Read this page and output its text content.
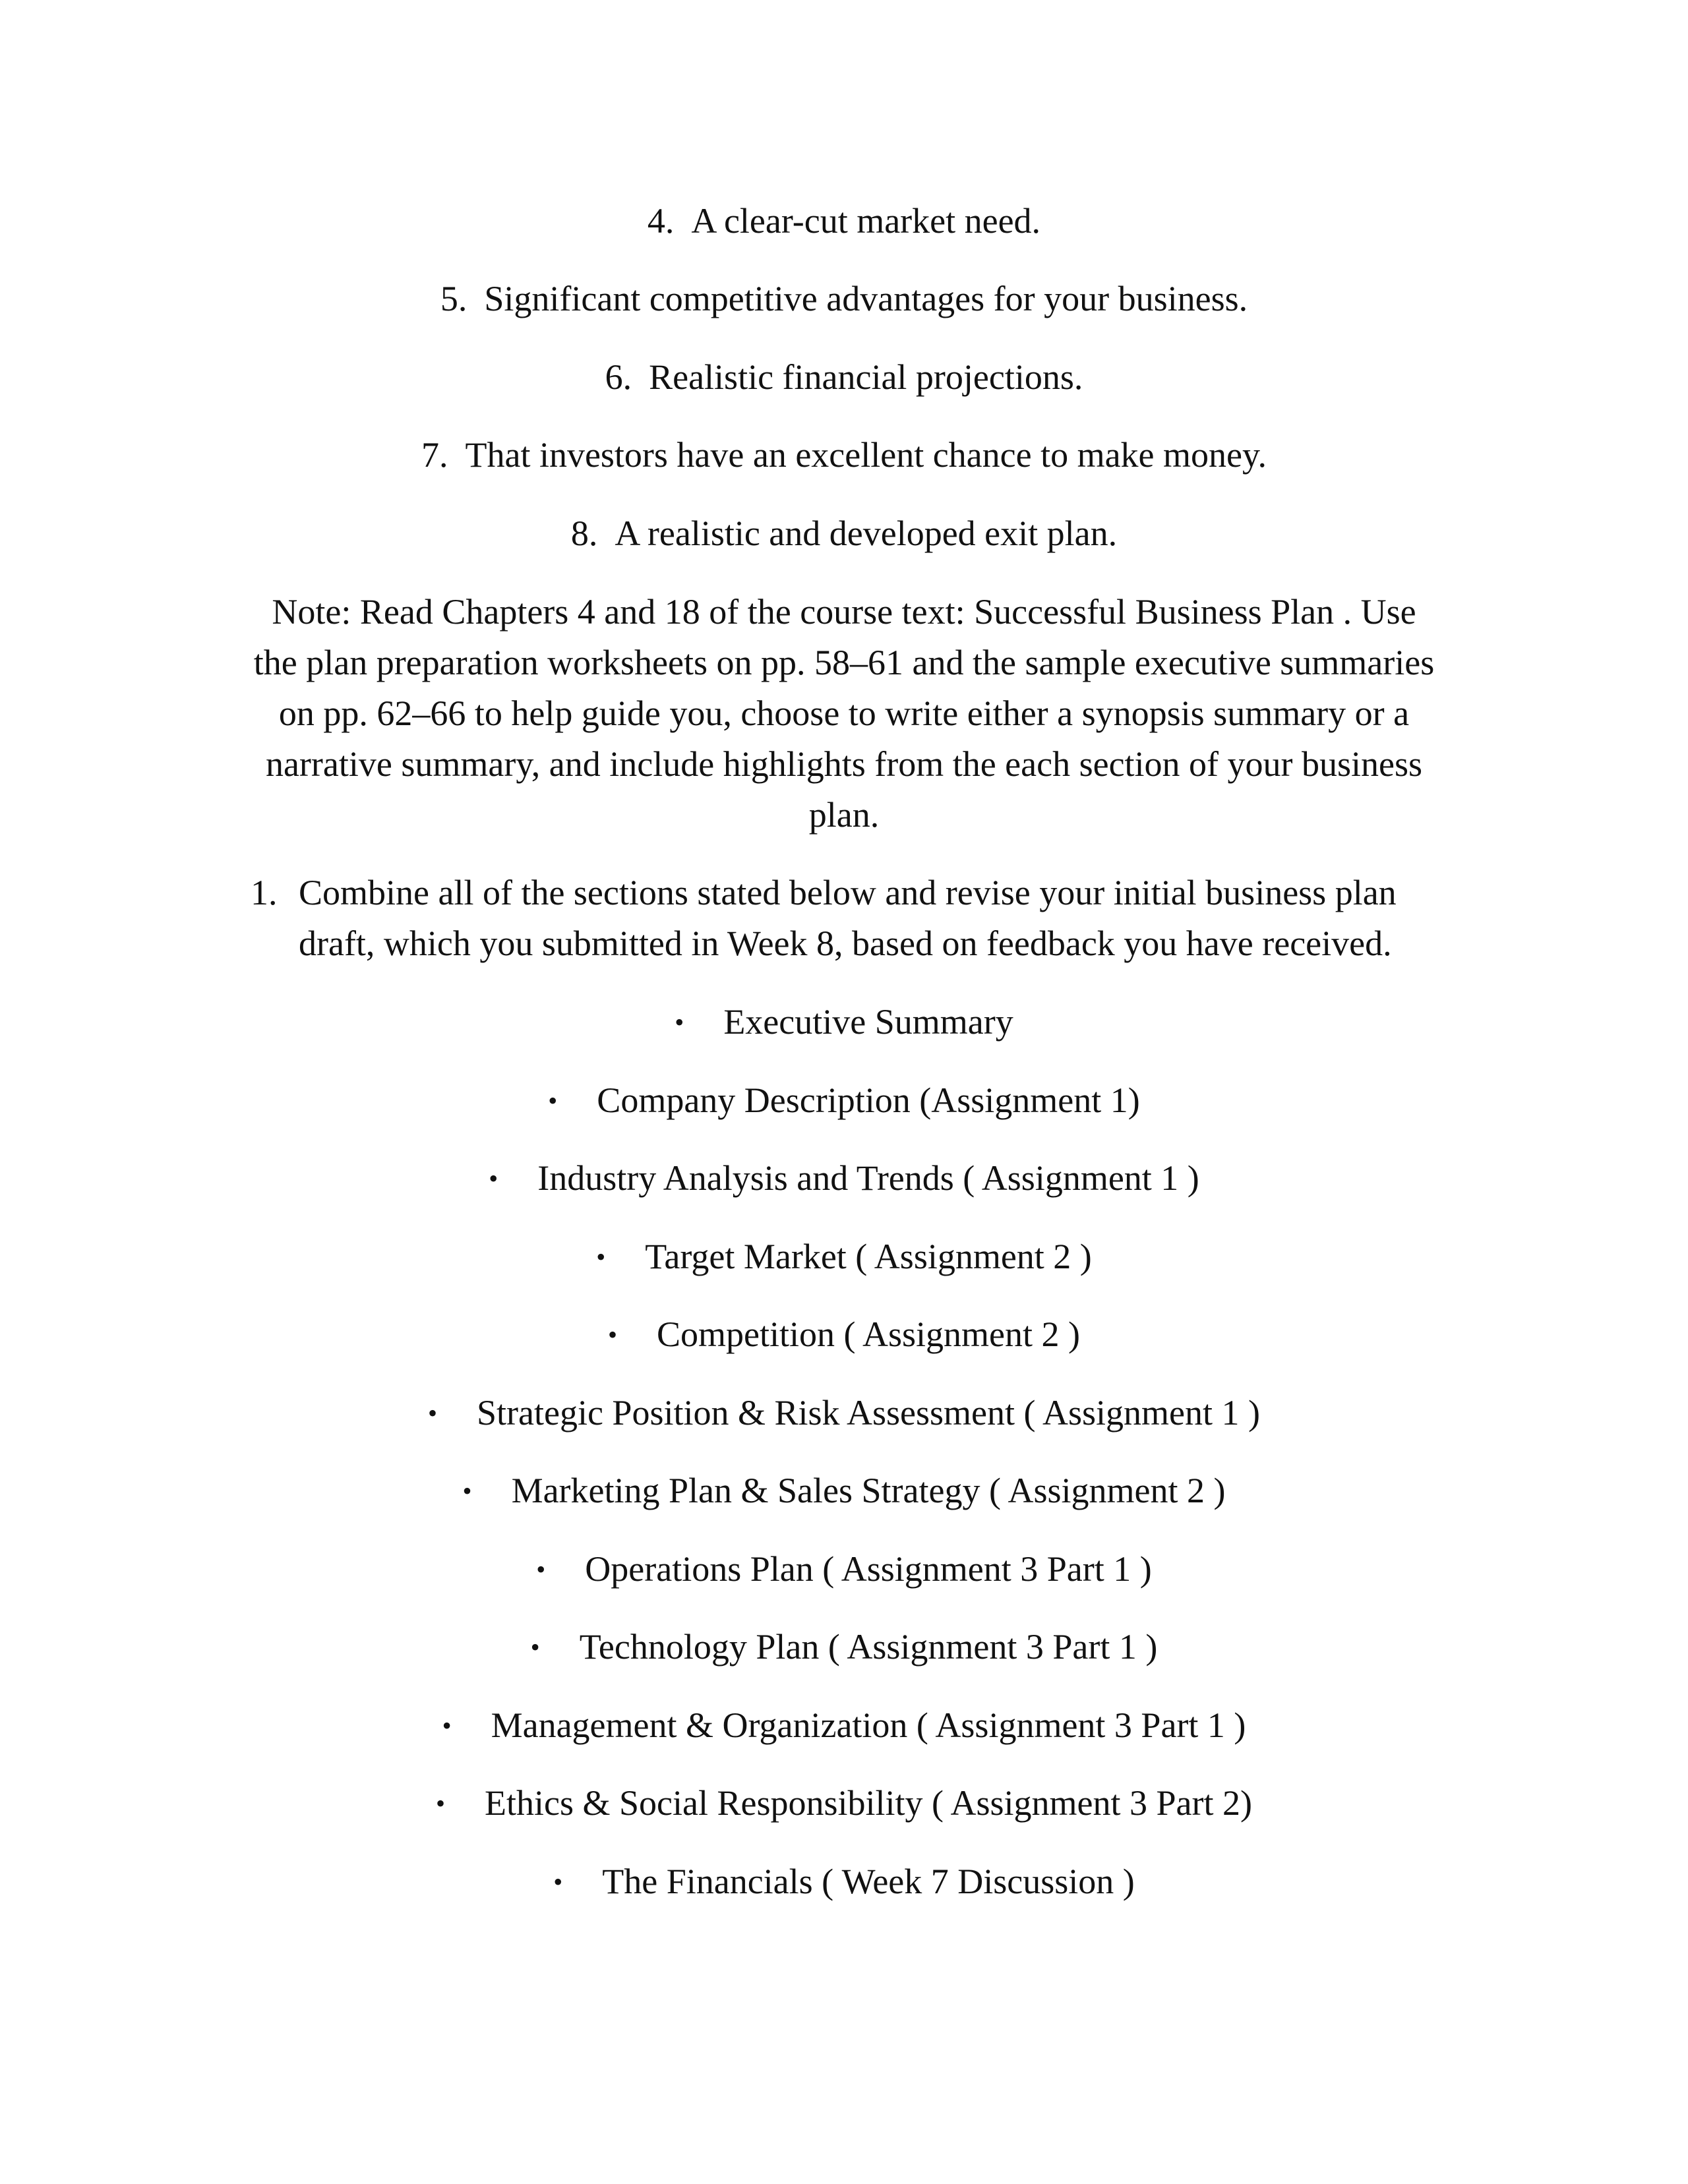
4. A clear-cut market need.
5. Significant competitive advantages for your business.
6. Realistic financial projections.
7. That investors have an excellent chance to make money.
8. A realistic and developed exit plan.
Note: Read Chapters 4 and 18 of the course text: Successful Business Plan . Use
the plan preparation worksheets on pp. 58–61 and the sample executive summaries
on pp. 62–66 to help guide you, choose to write either a synopsis summary or a
narrative summary, and include highlights from the each section of your business
plan.
1. Combine all of the sections stated below and revise your initial business plan
draft, which you submitted in Week 8, based on feedback you have received.
• Executive Summary
• Company Description (Assignment 1)
• Industry Analysis and Trends ( Assignment 1 )
• Target Market ( Assignment 2 )
• Competition ( Assignment 2 )
• Strategic Position & Risk Assessment ( Assignment 1 )
• Marketing Plan & Sales Strategy ( Assignment 2 )
• Operations Plan ( Assignment 3 Part 1 )
• Technology Plan ( Assignment 3 Part 1 )
• Management & Organization ( Assignment 3 Part 1 )
• Ethics & Social Responsibility ( Assignment 3 Part 2)
• The Financials ( Week 7 Discussion )
